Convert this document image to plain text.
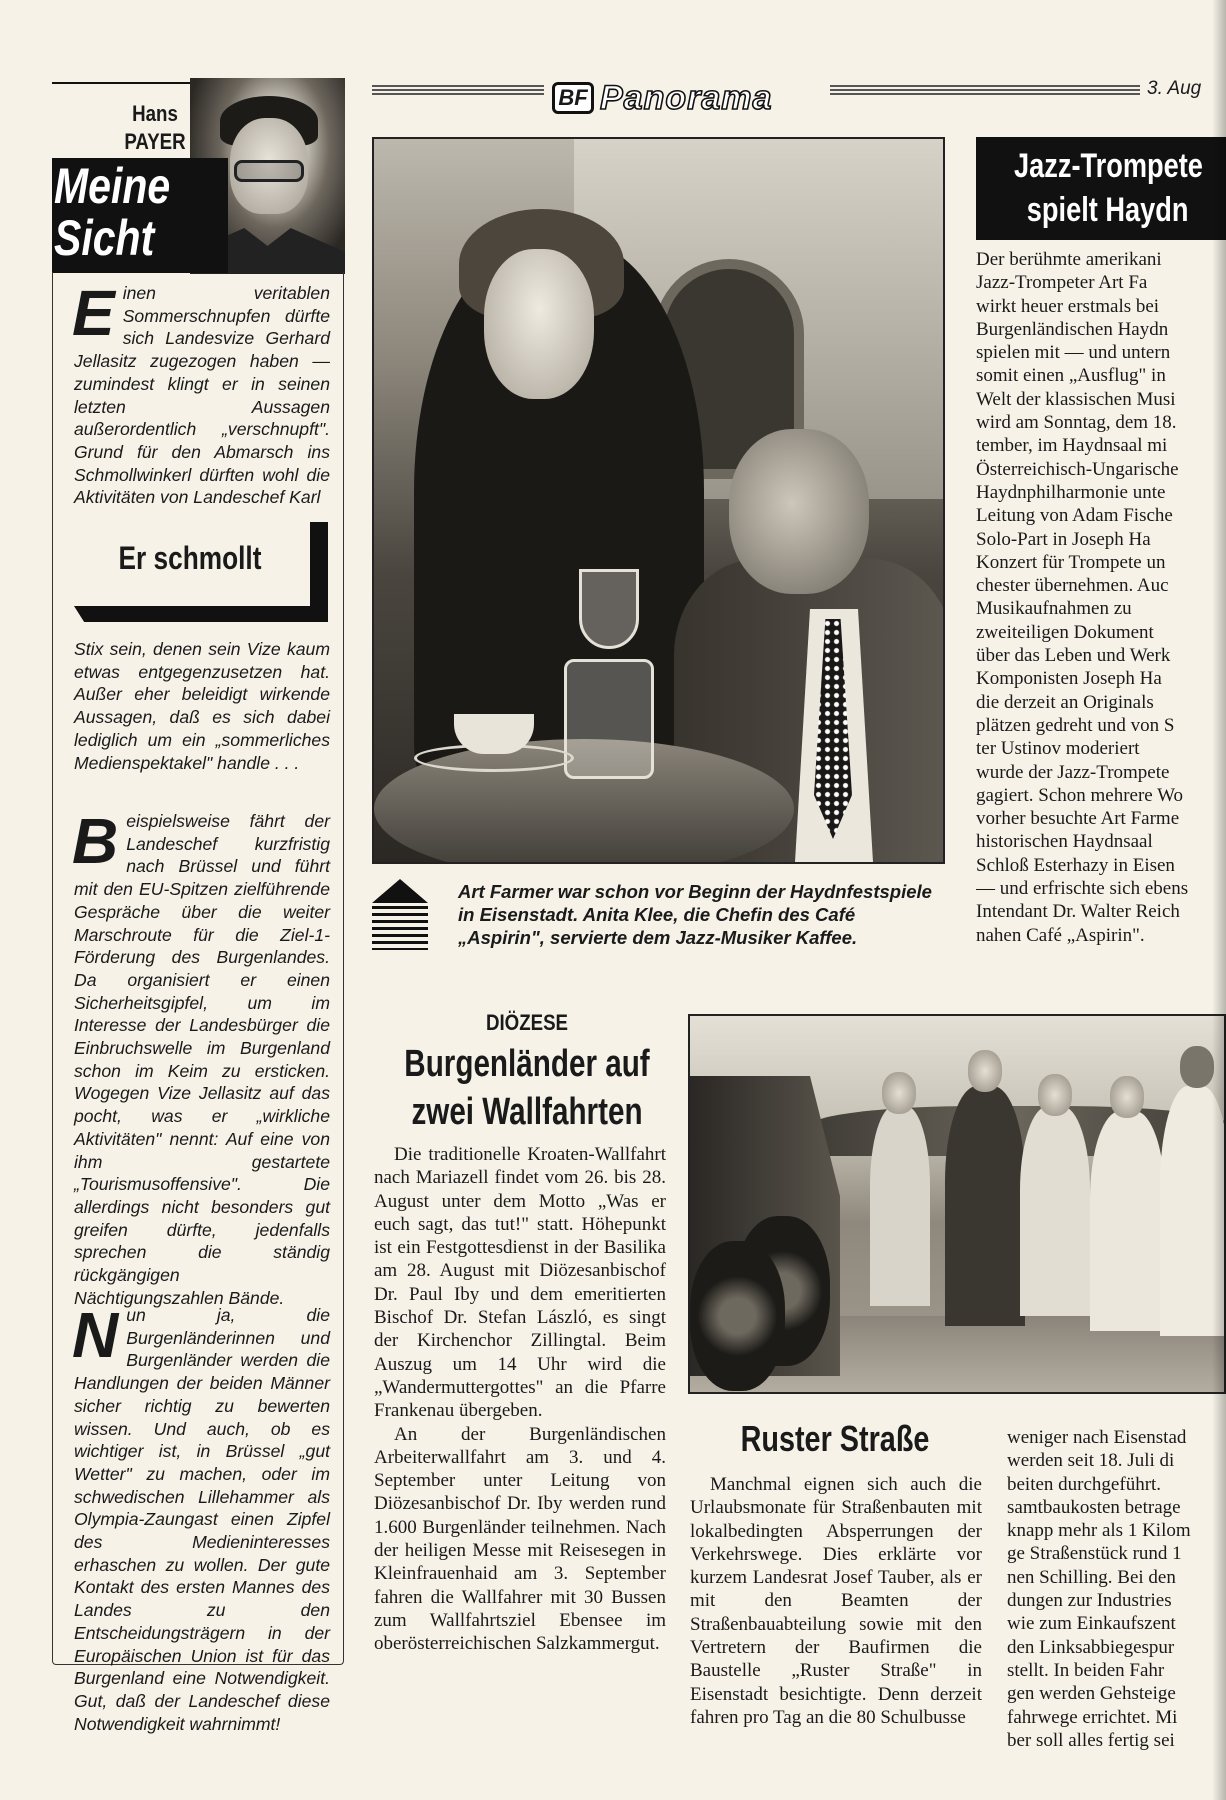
BF Panorama	3. Aug
Hans
PAYER
Meine
Sicht

Einen veritablen Sommerschnupfen dürfte sich Landesvize Gerhard Jellasitz zugezogen haben — zumindest klingt er in seinen letzten Aussagen außerordentlich „verschnupft". Grund für den Abmarsch ins Schmollwinkerl dürften wohl die Aktivitäten von Landeschef Karl

Er schmollt

Stix sein, denen sein Vize kaum etwas entgegenzusetzen hat. Außer eher beleidigt wirkende Aussagen, daß es sich dabei lediglich um ein „sommerliches Medienspektakel" handle . . .

Beispielsweise fährt der Landeschef kurzfristig nach Brüssel und führt mit den EU-Spitzen zielführende Gespräche über die weiter Marschroute für die Ziel-1-Förderung des Burgenlandes. Da organisiert er einen Sicherheitsgipfel, um im Interesse der Landesbürger die Einbruchswelle im Burgenland schon im Keim zu ersticken. Wogegen Vize Jellasitz auf das pocht, was er „wirkliche Aktivitäten" nennt: Auf eine von ihm gestartete „Tourismusoffensive". Die allerdings nicht besonders gut greifen dürfte, jedenfalls sprechen die ständig rückgängigen Nächtigungszahlen Bände.

Nun ja, die Burgenländerinnen und Burgenländer werden die Handlungen der beiden Männer sicher richtig zu bewerten wissen. Und auch, ob es wichtiger ist, in Brüssel „gut Wetter" zu machen, oder im schwedischen Lillehammer als Olympia-Zaungast einen Zipfel des Medieninteresses erhaschen zu wollen. Der gute Kontakt des ersten Mannes des Landes zu den Entscheidungsträgern in der Europäischen Union ist für das Burgenland eine Notwendigkeit. Gut, daß der Landeschef diese Notwendigkeit wahrnimmt!

Art Farmer war schon vor Beginn der Haydnfestspiele in Eisenstadt. Anita Klee, die Chefin des Café „Aspirin", servierte dem Jazz-Musiker Kaffee.
Jazz-Trompete
spielt Haydn
Der berühmte amerikani
Jazz-Trompeter Art Fa
wirkt heuer erstmals bei
Burgenländischen Haydn
spielen mit — und untern
somit einen „Ausflug" in
Welt der klassischen Musi
wird am Sonntag, dem 18.
tember, im Haydnsaal mi
Österreichisch-Ungarische
Haydnphilharmonie unte
Leitung von Adam Fische
Solo-Part in Joseph Ha
Konzert für Trompete un
chester übernehmen. Auc
Musikaufnahmen zu
zweiteiligen Dokument
über das Leben und Werk
Komponisten Joseph Ha
die derzeit an Originals
plätzen gedreht und von S
ter Ustinov moderiert
wurde der Jazz-Trompete
gagiert. Schon mehrere Wo
vorher besuchte Art Farme
historischen Haydnsaal
Schloß Esterhazy in Eisen
— und erfrischte sich ebens
Intendant Dr. Walter Reich
nahen Café „Aspirin".
DIÖZESE
Burgenländer auf
zwei Wallfahrten

Die traditionelle Kroaten-Wallfahrt nach Mariazell findet vom 26. bis 28. August unter dem Motto „Was er euch sagt, das tut!" statt. Höhepunkt ist ein Festgottesdienst in der Basilika am 28. August mit Diözesanbischof Dr. Paul Iby und dem emeritierten Bischof Dr. Stefan László, es singt der Kirchenchor Zillingtal. Beim Auszug um 14 Uhr wird die „Wandermuttergottes" an die Pfarre Frankenau übergeben.

An der Burgenländischen Arbeiterwallfahrt am 3. und 4. September unter Leitung von Diözesanbischof Dr. Iby werden rund 1.600 Burgenländer teilnehmen. Nach der heiligen Messe mit Reisesegen in Kleinfrauenhaid am 3. September fahren die Wallfahrer mit 30 Bussen zum Wallfahrtsziel Ebensee im oberösterreichischen Salzkammergut.

Ruster Straße

Manchmal eignen sich auch die Urlaubsmonate für Straßenbauten mit lokalbedingten Absperrungen der Verkehrswege. Dies erklärte vor kurzem Landesrat Josef Tauber, als er mit den Beamten der Straßenbauabteilung sowie mit den Vertretern der Baufirmen die Baustelle „Ruster Straße" in Eisenstadt besichtigte. Denn derzeit fahren pro Tag an die 80 Schulbusse

weniger nach Eisenstad
werden seit 18. Juli di
beiten durchgeführt.
samtbaukosten betrage
knapp mehr als 1 Kilom
ge Straßenstück rund 1
nen Schilling. Bei den
dungen zur Industries
wie zum Einkaufszent
den Linksabbiegespur
stellt. In beiden Fahr
gen werden Gehsteige
fahrwege errichtet. Mi
ber soll alles fertig sei
